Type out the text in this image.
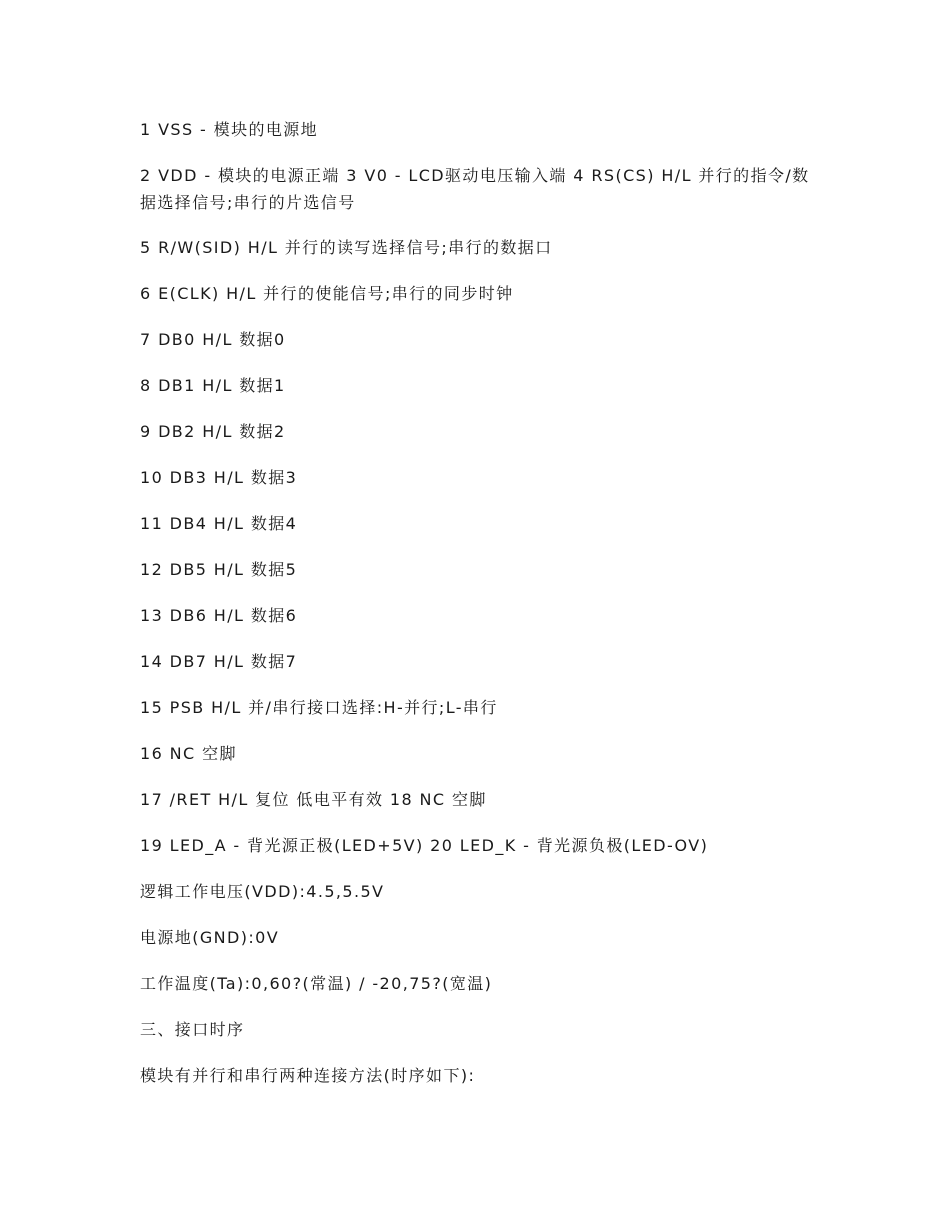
1 VSS - 模块的电源地

2 VDD - 模块的电源正端 3 V0 - LCD驱动电压输入端 4 RS(CS) H/L 并行的指令/数据选择信号;串行的片选信号

5 R/W(SID) H/L 并行的读写选择信号;串行的数据口

6 E(CLK) H/L 并行的使能信号;串行的同步时钟

7 DB0 H/L 数据0

8 DB1 H/L 数据1

9 DB2 H/L 数据2

10 DB3 H/L 数据3

11 DB4 H/L 数据4

12 DB5 H/L 数据5

13 DB6 H/L 数据6

14 DB7 H/L 数据7

15 PSB H/L 并/串行接口选择:H-并行;L-串行

16 NC 空脚

17 /RET H/L 复位 低电平有效 18 NC 空脚

19 LED_A - 背光源正极(LED+5V) 20 LED_K - 背光源负极(LED-OV)

逻辑工作电压(VDD):4.5,5.5V

电源地(GND):0V

工作温度(Ta):0,60?(常温) / -20,75?(宽温)

三、接口时序

模块有并行和串行两种连接方法(时序如下):
